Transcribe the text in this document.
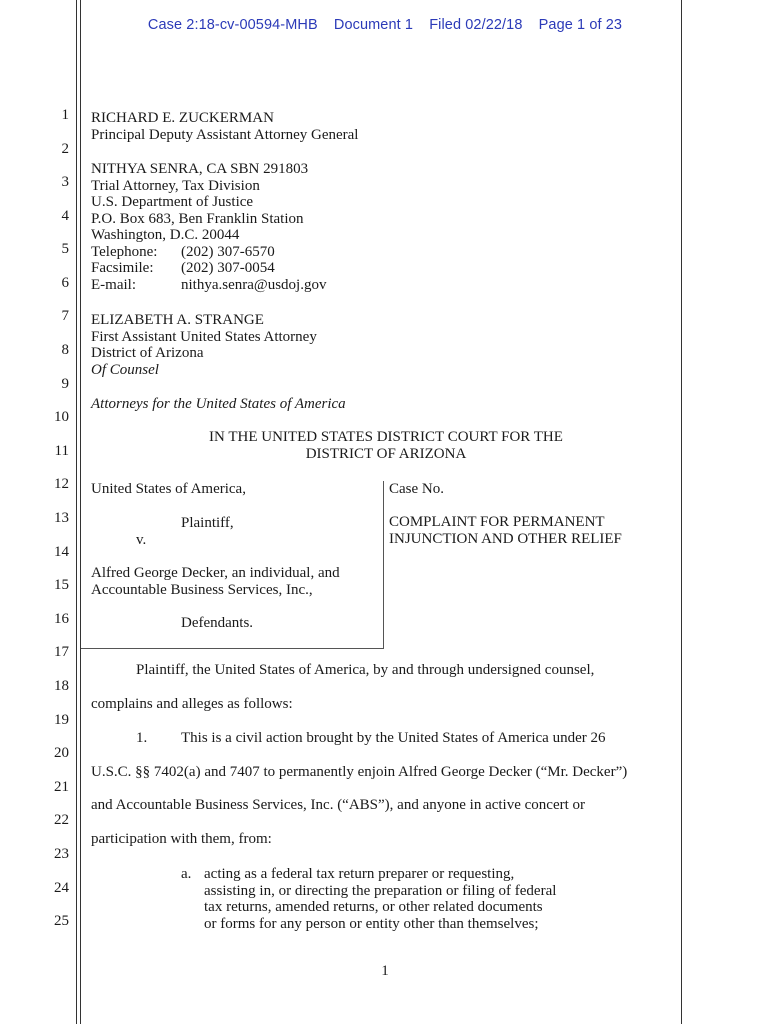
Case 2:18-cv-00594-MHB Document 1 Filed 02/22/18 Page 1 of 23
1
2
3
4
5
6
7
8
9
10
11
12
13
14
15
16
17
18
19
20
21
22
23
24
25
RICHARD E. ZUCKERMAN
Principal Deputy Assistant Attorney General
NITHYA SENRA, CA SBN 291803
Trial Attorney, Tax Division
U.S. Department of Justice
P.O. Box 683, Ben Franklin Station
Washington, D.C. 20044
Telephone: (202) 307-6570
Facsimile: (202) 307-0054
E-mail:	nithya.senra@usdoj.gov
ELIZABETH A. STRANGE
First Assistant United States Attorney
District of Arizona
Of Counsel
Attorneys for the United States of America
IN THE UNITED STATES DISTRICT COURT FOR THE
DISTRICT OF ARIZONA
United States of America,
Plaintiff,
v.
Alfred George Decker, an individual, and
Accountable Business Services, Inc.,
Defendants.
Case No.
COMPLAINT FOR PERMANENT
INJUNCTION AND OTHER RELIEF
Plaintiff, the United States of America, by and through undersigned counsel,
complains and alleges as follows:
1. This is a civil action brought by the United States of America under 26
U.S.C. §§ 7402(a) and 7407 to permanently enjoin Alfred George Decker (“Mr. Decker”)
and Accountable Business Services, Inc. (“ABS”), and anyone in active concert or
participation with them, from:
a. acting as a federal tax return preparer or requesting,
assisting in, or directing the preparation or filing of federal
tax returns, amended returns, or other related documents
or forms for any person or entity other than themselves;
1
